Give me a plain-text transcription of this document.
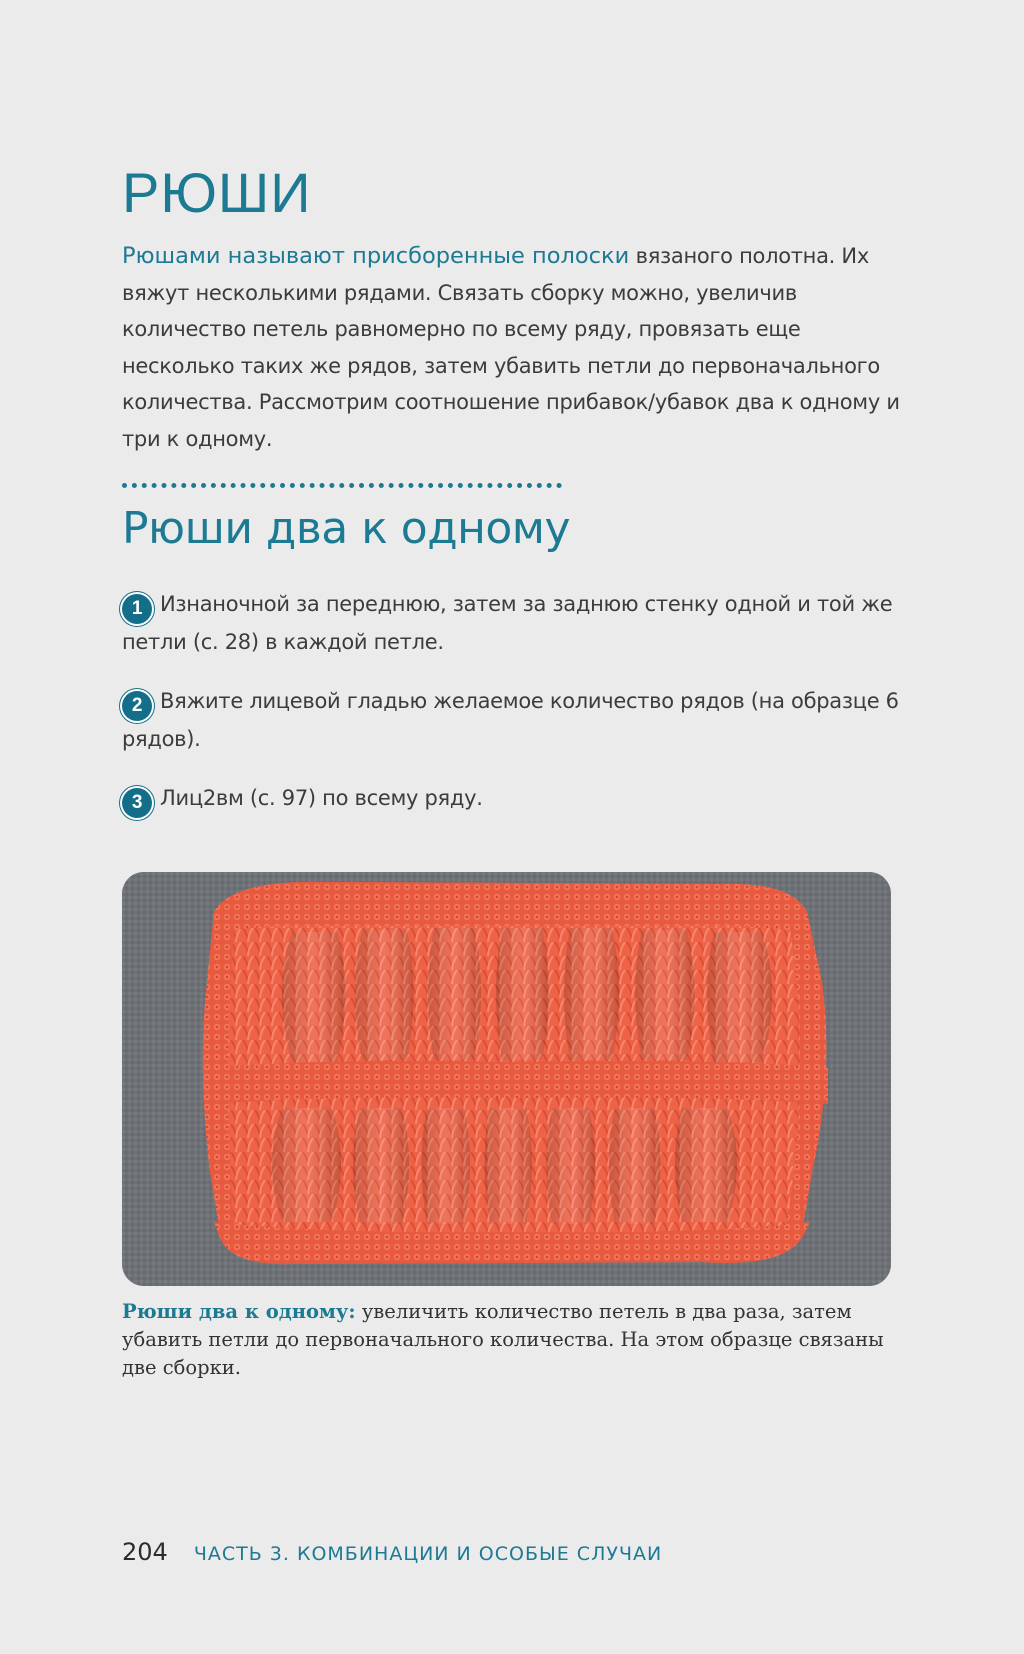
РЮШИ

Рюшами называют присборенные полоски вязаного полотна. Их вяжут несколькими рядами. Связать сборку можно, увеличив количество петель равномерно по всему ряду, провязать еще несколько таких же рядов, затем убавить петли до первоначального количества. Рассмотрим соотношение прибавок/убавок два к одному и три к одному.

Рюши два к одному

1 Изнаночной за переднюю, затем за заднюю стенку одной и той же петли (с. 28) в каждой петле.

2 Вяжите лицевой гладью желаемое количество рядов (на образце 6 рядов).

3 Лиц2вм (с. 97) по всему ряду.

Рюши два к одному: увеличить количество петель в два раза, затем убавить петли до первоначального количества. На этом образце связаны две сборки.

204 ЧАСТЬ 3. КОМБИНАЦИИ И ОСОБЫЕ СЛУЧАИ
